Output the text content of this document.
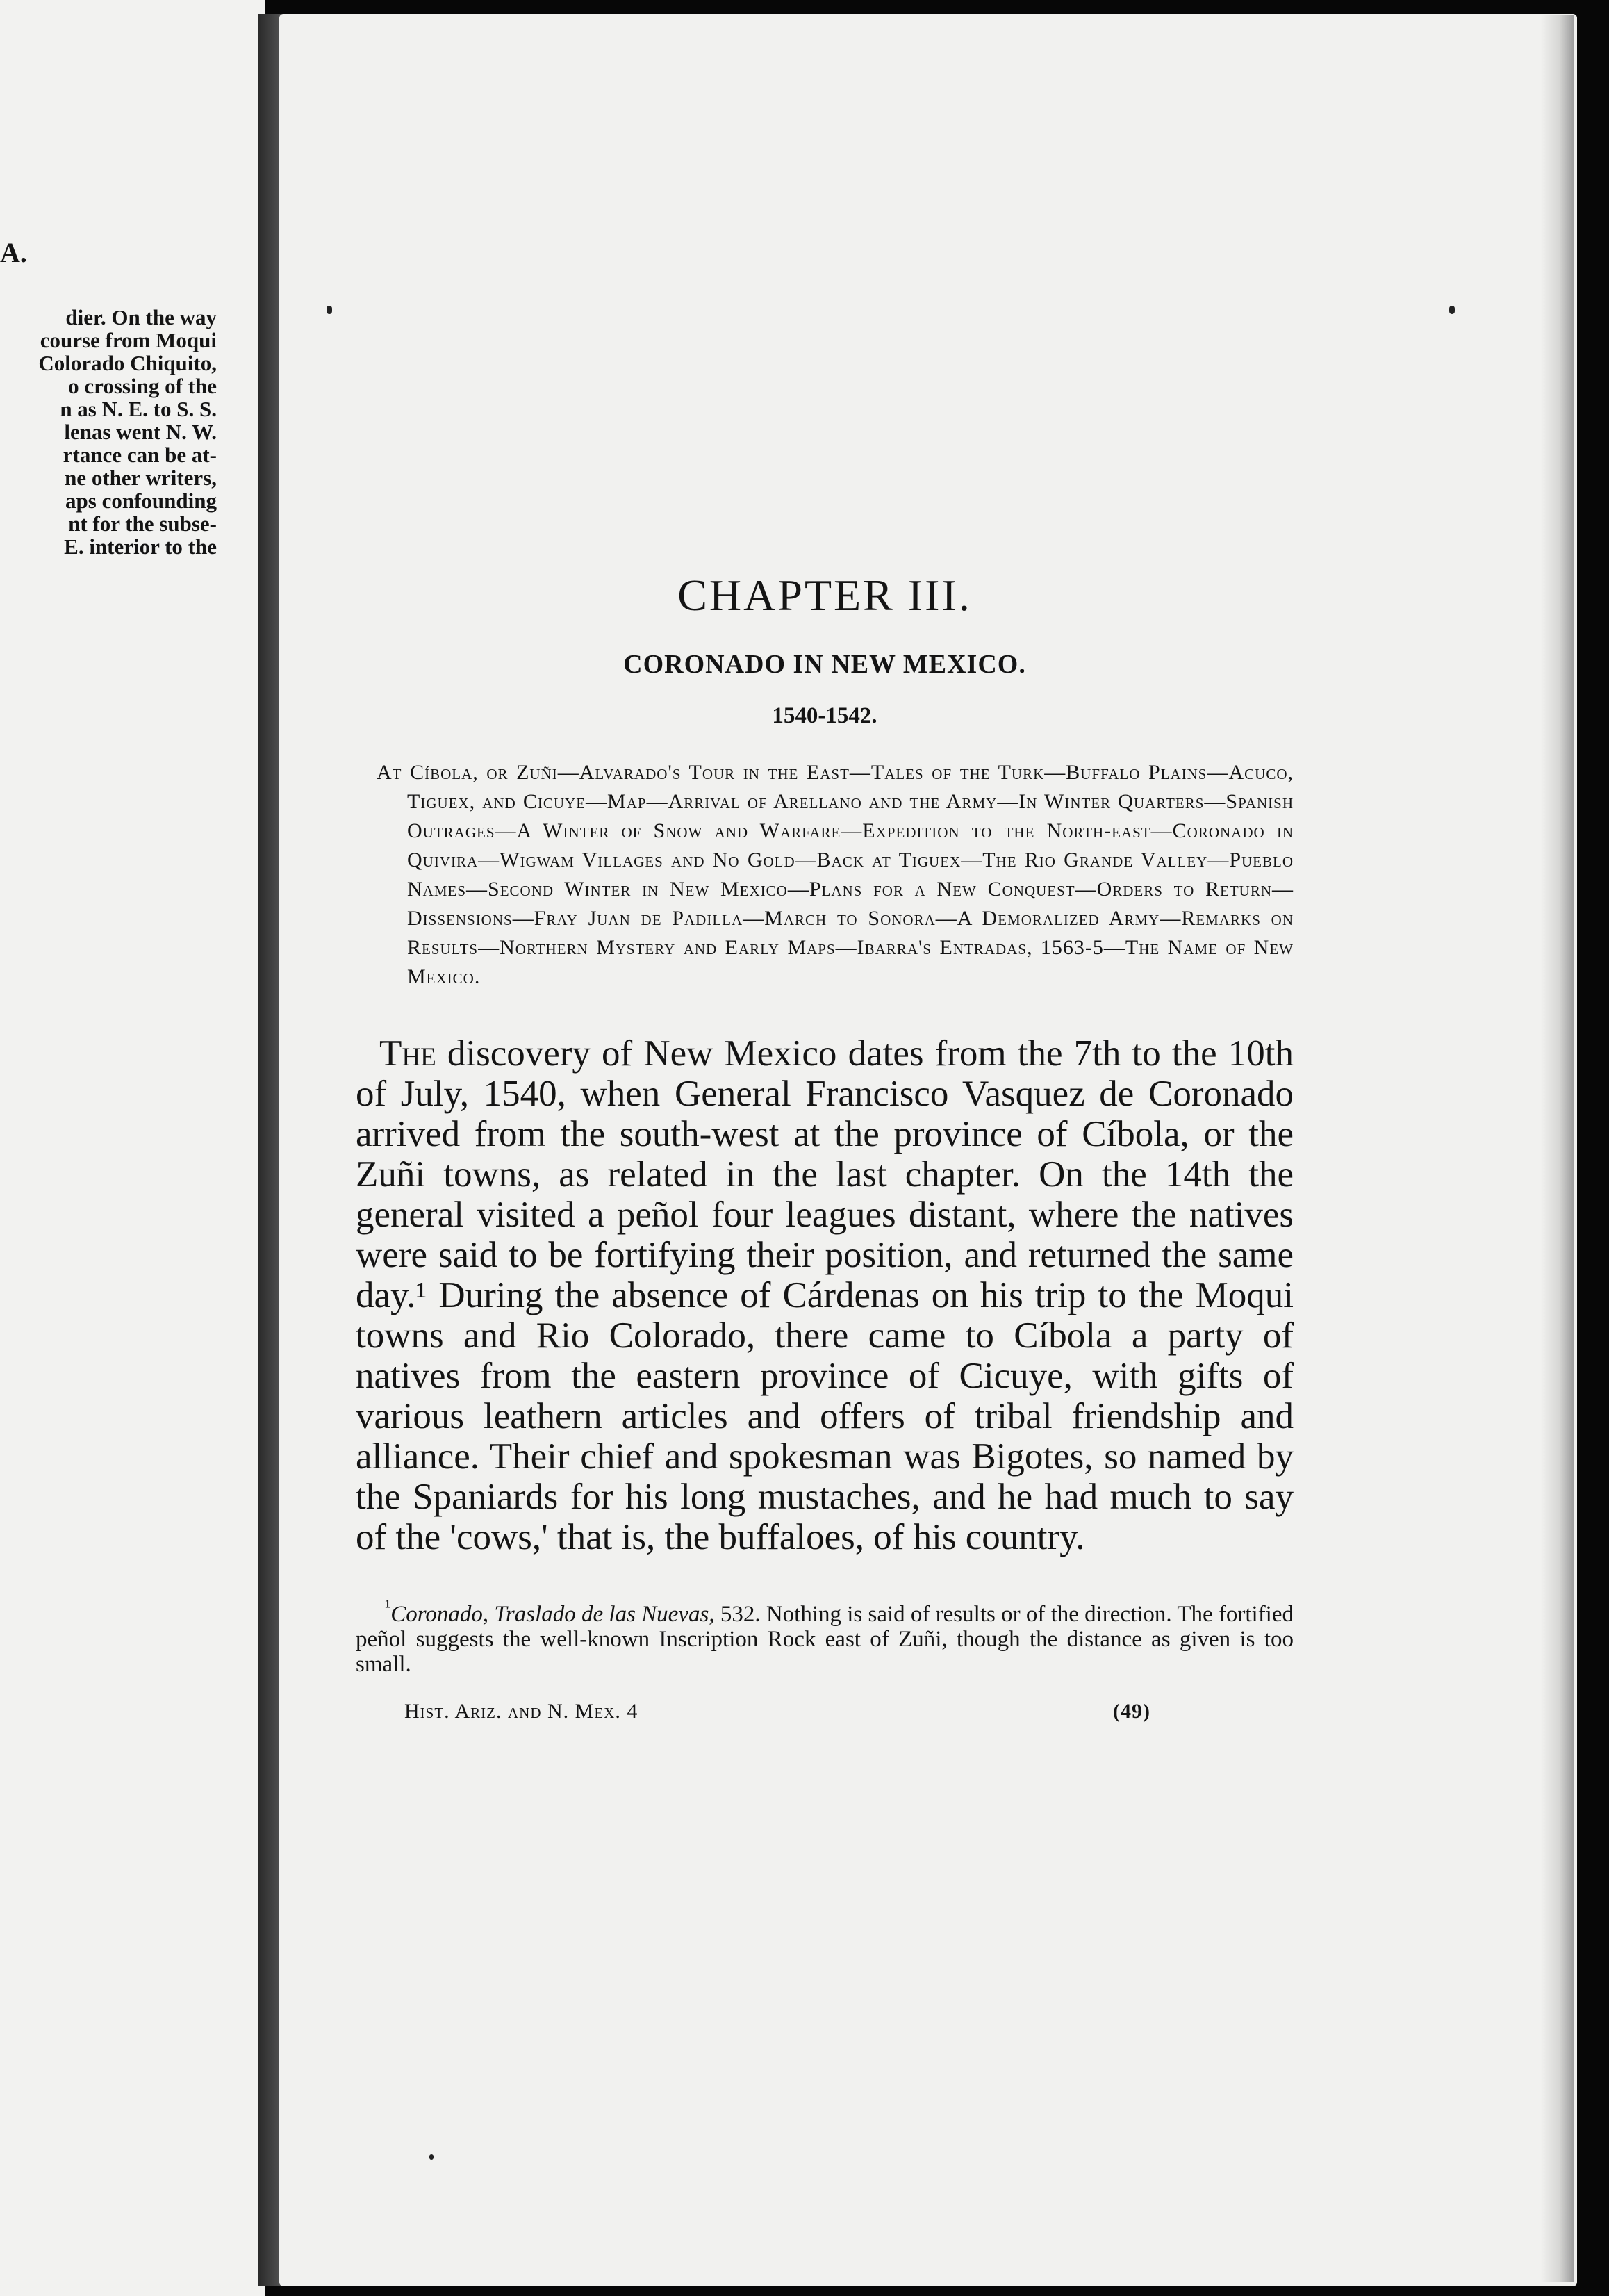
A.
dier. On the way
course from Moqui
Colorado Chiquito,
o crossing of the
n as N. E. to S. S.
lenas went N. W.
rtance can be at-
ne other writers,
aps confounding
nt for the subse-
E. interior to the
CHAPTER III.
CORONADO IN NEW MEXICO.
1540-1542.
At Cíbola, or Zuñi—Alvarado's Tour in the East—Tales of the Turk—Buffalo Plains—Acuco, Tiguex, and Cicuye—Map—Arrival of Arellano and the Army—In Winter Quarters—Spanish Outrages—A Winter of Snow and Warfare—Expedition to the North-east—Coronado in Quivira—Wigwam Villages and No Gold—Back at Tiguex—The Rio Grande Valley—Pueblo Names—Second Winter in New Mexico—Plans for a New Conquest—Orders to Return—Dissensions—Fray Juan de Padilla—March to Sonora—A Demoralized Army—Remarks on Results—Northern Mystery and Early Maps—Ibarra's Entradas, 1563-5—The Name of New Mexico.

The discovery of New Mexico dates from the 7th to the 10th of July, 1540, when General Francisco Vasquez de Coronado arrived from the south-west at the province of Cíbola, or the Zuñi towns, as related in the last chapter. On the 14th the general visited a peñol four leagues distant, where the natives were said to be fortifying their position, and returned the same day.¹ During the absence of Cárdenas on his trip to the Moqui towns and Rio Colorado, there came to Cíbola a party of natives from the eastern province of Cicuye, with gifts of various leathern articles and offers of tribal friendship and alliance. Their chief and spokesman was Bigotes, so named by the Spaniards for his long mustaches, and he had much to say of the 'cows,' that is, the buffaloes, of his country.

$^{^1}$Coronado, Traslado de las Nuevas, 532. Nothing is said of results or of the direction. The fortified peñol suggests the well-known Inscription Rock east of Zuñi, though the distance as given is too small.

Hist. Ariz. and N. Mex. 4	(49)
